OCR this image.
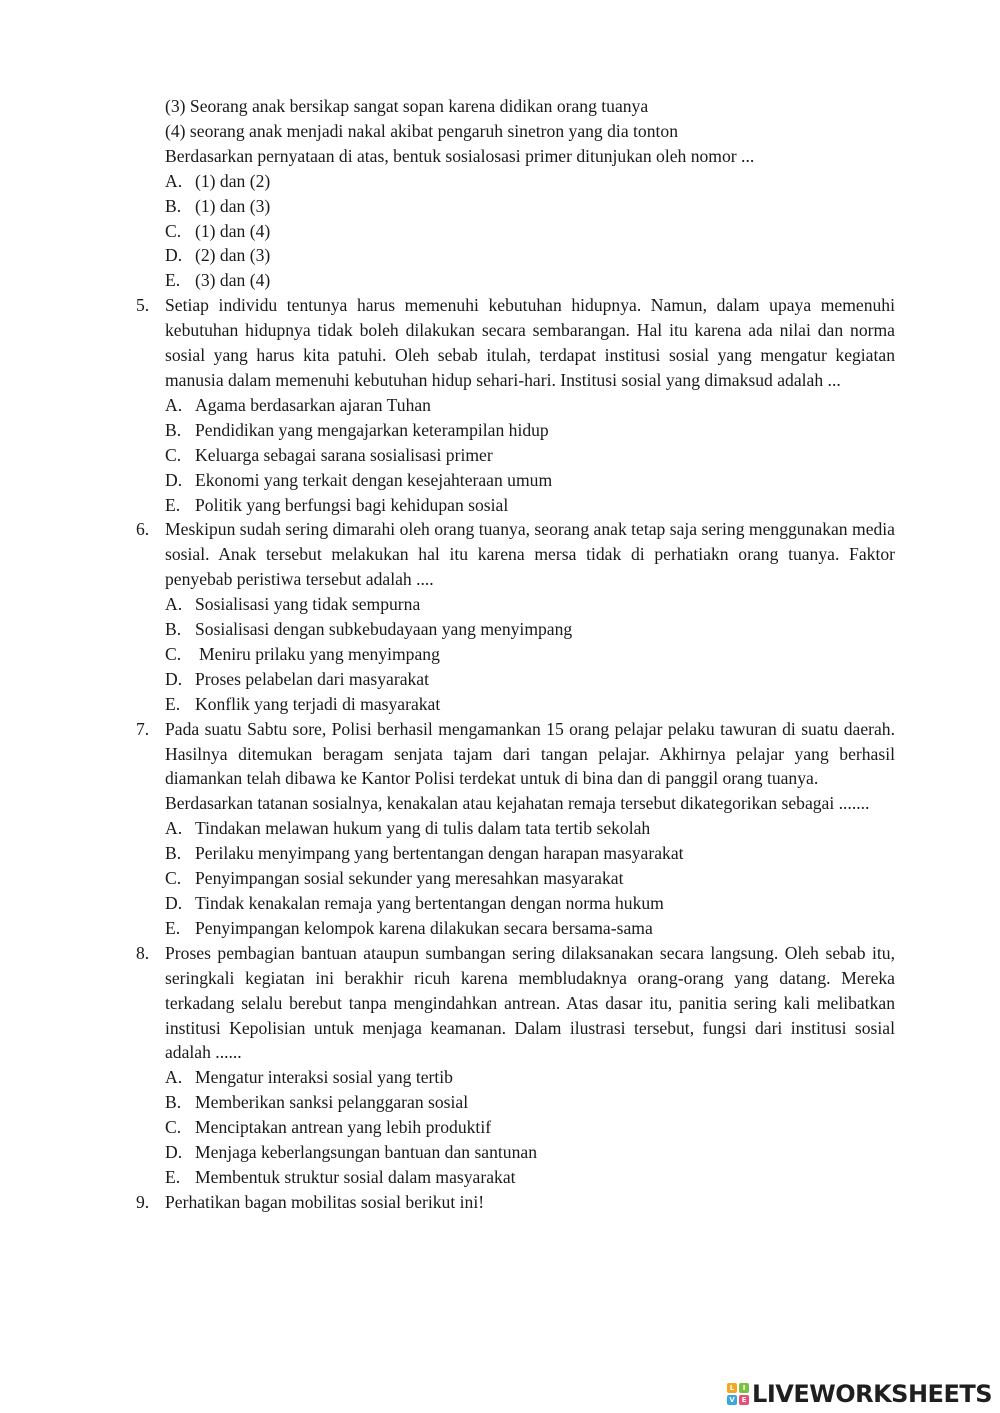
(3) Seorang anak bersikap sangat sopan karena didikan orang tuanya
(4) seorang anak menjadi nakal akibat pengaruh sinetron yang dia tonton
Berdasarkan pernyataan di atas, bentuk sosialosasi primer ditunjukan oleh nomor ...
A. (1) dan (2)
B. (1) dan (3)
C. (1) dan (4)
D. (2) dan (3)
E. (3) dan (4)
5. Setiap individu tentunya harus memenuhi kebutuhan hidupnya. Namun, dalam upaya memenuhi kebutuhan hidupnya tidak boleh dilakukan secara sembarangan. Hal itu karena ada nilai dan norma sosial yang harus kita patuhi. Oleh sebab itulah, terdapat institusi sosial yang mengatur kegiatan manusia dalam memenuhi kebutuhan hidup sehari-hari. Institusi sosial yang dimaksud adalah ...
A. Agama berdasarkan ajaran Tuhan
B. Pendidikan yang mengajarkan keterampilan hidup
C. Keluarga sebagai sarana sosialisasi primer
D. Ekonomi yang terkait dengan kesejahteraan umum
E. Politik yang berfungsi bagi kehidupan sosial
6. Meskipun sudah sering dimarahi oleh orang tuanya, seorang anak tetap saja sering menggunakan media sosial. Anak tersebut melakukan hal itu karena mersa tidak di perhatiakn orang tuanya. Faktor penyebab peristiwa tersebut adalah ....
A. Sosialisasi yang tidak sempurna
B. Sosialisasi dengan subkebudayaan yang menyimpang
C.	Meniru prilaku yang menyimpang
D. Proses pelabelan dari masyarakat
E. Konflik yang terjadi di masyarakat
7. Pada suatu Sabtu sore, Polisi berhasil mengamankan 15 orang pelajar pelaku tawuran di suatu daerah. Hasilnya ditemukan beragam senjata tajam dari tangan pelajar. Akhirnya pelajar yang berhasil diamankan telah dibawa ke Kantor Polisi terdekat untuk di bina dan di panggil orang tuanya.
Berdasarkan tatanan sosialnya, kenakalan atau kejahatan remaja tersebut dikategorikan sebagai .......
A. Tindakan melawan hukum yang di tulis dalam tata tertib sekolah
B. Perilaku menyimpang yang bertentangan dengan harapan masyarakat
C. Penyimpangan sosial sekunder yang meresahkan masyarakat
D. Tindak kenakalan remaja yang bertentangan dengan norma hukum
E. Penyimpangan kelompok karena dilakukan secara bersama-sama
8. Proses pembagian bantuan ataupun sumbangan sering dilaksanakan secara langsung. Oleh sebab itu, seringkali kegiatan ini berakhir ricuh karena membludaknya orang-orang yang datang. Mereka terkadang selalu berebut tanpa mengindahkan antrean. Atas dasar itu, panitia sering kali melibatkan institusi Kepolisian untuk menjaga keamanan. Dalam ilustrasi tersebut, fungsi dari institusi sosial adalah ......
A. Mengatur interaksi sosial yang tertib
B. Memberikan sanksi pelanggaran sosial
C. Menciptakan antrean yang lebih produktif
D. Menjaga keberlangsungan bantuan dan santunan
E. Membentuk struktur sosial dalam masyarakat
9. Perhatikan bagan mobilitas sosial berikut ini!
L	I
V E LIVEWORKSHEETS
